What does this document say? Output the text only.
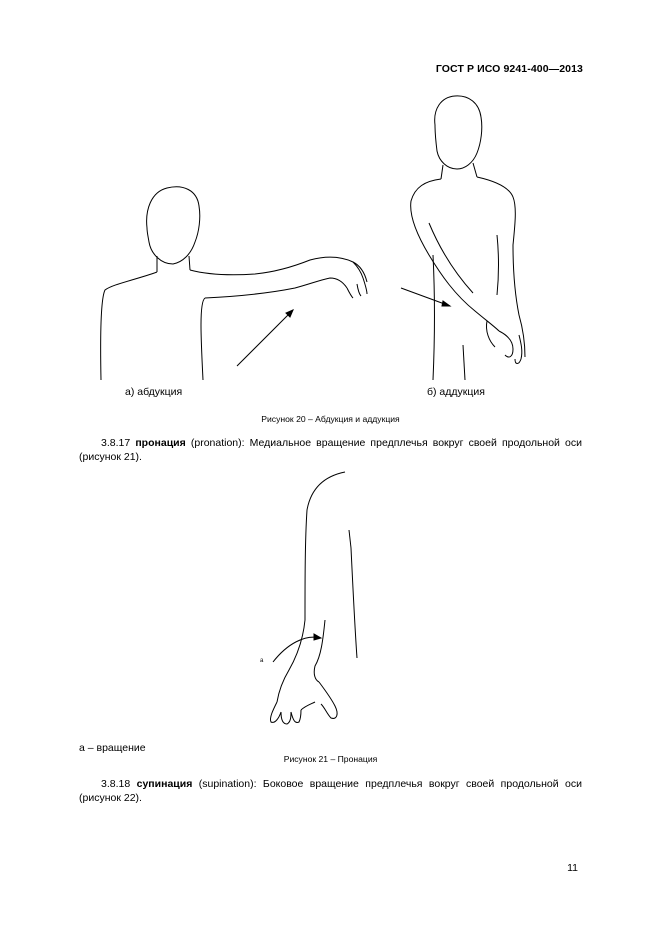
ГОСТ Р ИСО 9241-400—2013
а) абдукция	б) аддукция
Рисунок 20 – Абдукция и аддукция
3.8.17 пронация (pronation): Медиальное вращение предплечья вокруг своей продольной оси (рисунок 21).
a
а – вращение
Рисунок 21 – Пронация
3.8.18 супинация (supination): Боковое вращение предплечья вокруг своей продольной оси (рисунок 22).
11
